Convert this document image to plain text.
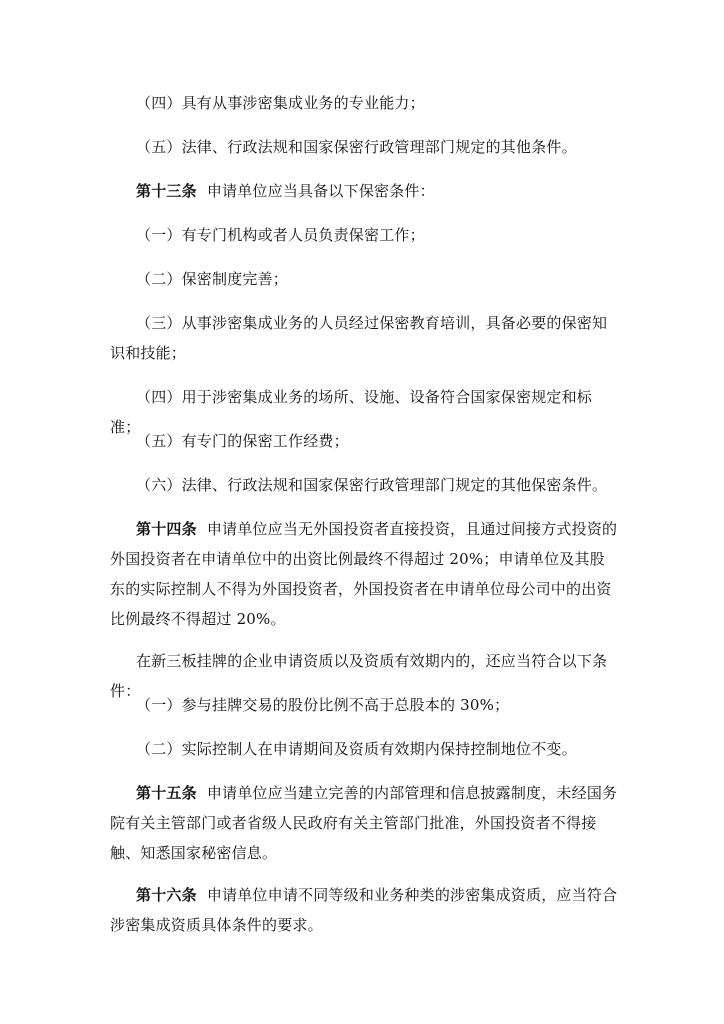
（四）具有从事涉密集成业务的专业能力；
（五）法律、行政法规和国家保密行政管理部门规定的其他条件。
第十三条 申请单位应当具备以下保密条件：
（一）有专门机构或者人员负责保密工作；
（二）保密制度完善；
（三）从事涉密集成业务的人员经过保密教育培训，具备必要的保密知识和技能；
（四）用于涉密集成业务的场所、设施、设备符合国家保密规定和标准；
（五）有专门的保密工作经费；
（六）法律、行政法规和国家保密行政管理部门规定的其他保密条件。
第十四条 申请单位应当无外国投资者直接投资，且通过间接方式投资的外国投资者在申请单位中的出资比例最终不得超过 20%；申请单位及其股东的实际控制人不得为外国投资者，外国投资者在申请单位母公司中的出资比例最终不得超过 20%。
在新三板挂牌的企业申请资质以及资质有效期内的，还应当符合以下条件：
（一）参与挂牌交易的股份比例不高于总股本的 30%；
（二）实际控制人在申请期间及资质有效期内保持控制地位不变。
第十五条 申请单位应当建立完善的内部管理和信息披露制度，未经国务院有关主管部门或者省级人民政府有关主管部门批准，外国投资者不得接触、知悉国家秘密信息。
第十六条 申请单位申请不同等级和业务种类的涉密集成资质，应当符合涉密集成资质具体条件的要求。
